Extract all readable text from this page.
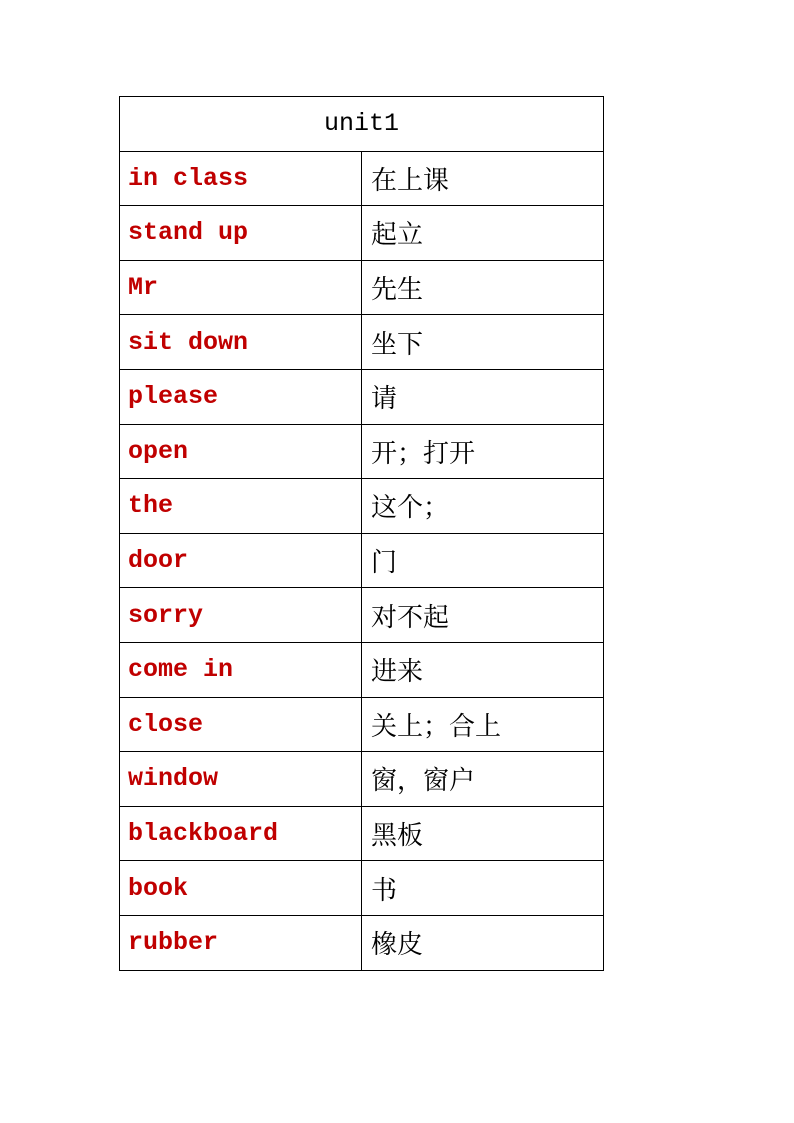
unit1	
in class	在上课
stand up	起立
Mr	先生
sit down	坐下
please	请
open	开；打开
the	这个；
door	门
sorry	对不起
come in	进来
close	关上；合上
window	窗，窗户
blackboard	黑板
book	书
rubber	橡皮
